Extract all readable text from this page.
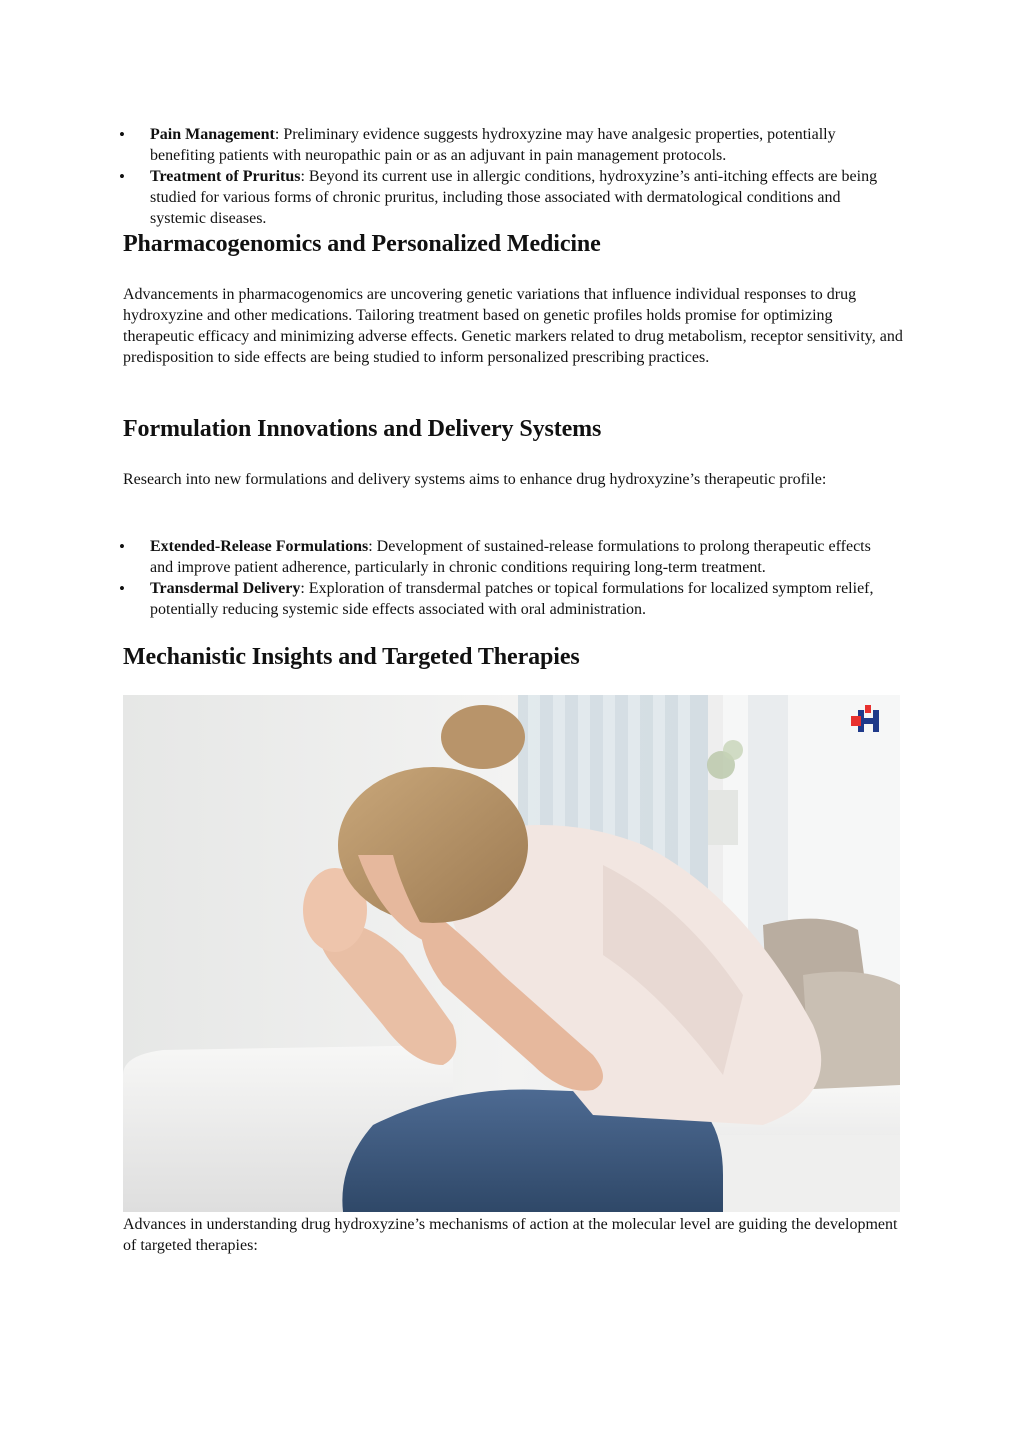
• Pain Management: Preliminary evidence suggests hydroxyzine may have analgesic properties, potentially benefiting patients with neuropathic pain or as an adjuvant in pain management protocols.
• Treatment of Pruritus: Beyond its current use in allergic conditions, hydroxyzine’s anti-itching effects are being studied for various forms of chronic pruritus, including those associated with dermatological conditions and systemic diseases.
Pharmacogenomics and Personalized Medicine

Advancements in pharmacogenomics are uncovering genetic variations that influence individual responses to drug hydroxyzine and other medications. Tailoring treatment based on genetic profiles holds promise for optimizing therapeutic efficacy and minimizing adverse effects. Genetic markers related to drug metabolism, receptor sensitivity, and predisposition to side effects are being studied to inform personalized prescribing practices.

Formulation Innovations and Delivery Systems

Research into new formulations and delivery systems aims to enhance drug hydroxyzine’s therapeutic profile:

• Extended-Release Formulations: Development of sustained-release formulations to prolong therapeutic effects and improve patient adherence, particularly in chronic conditions requiring long-term treatment.
• Transdermal Delivery: Exploration of transdermal patches or topical formulations for localized symptom relief, potentially reducing systemic side effects associated with oral administration.
Mechanistic Insights and Targeted Therapies

Advances in understanding drug hydroxyzine’s mechanisms of action at the molecular level are guiding the development of targeted therapies:
